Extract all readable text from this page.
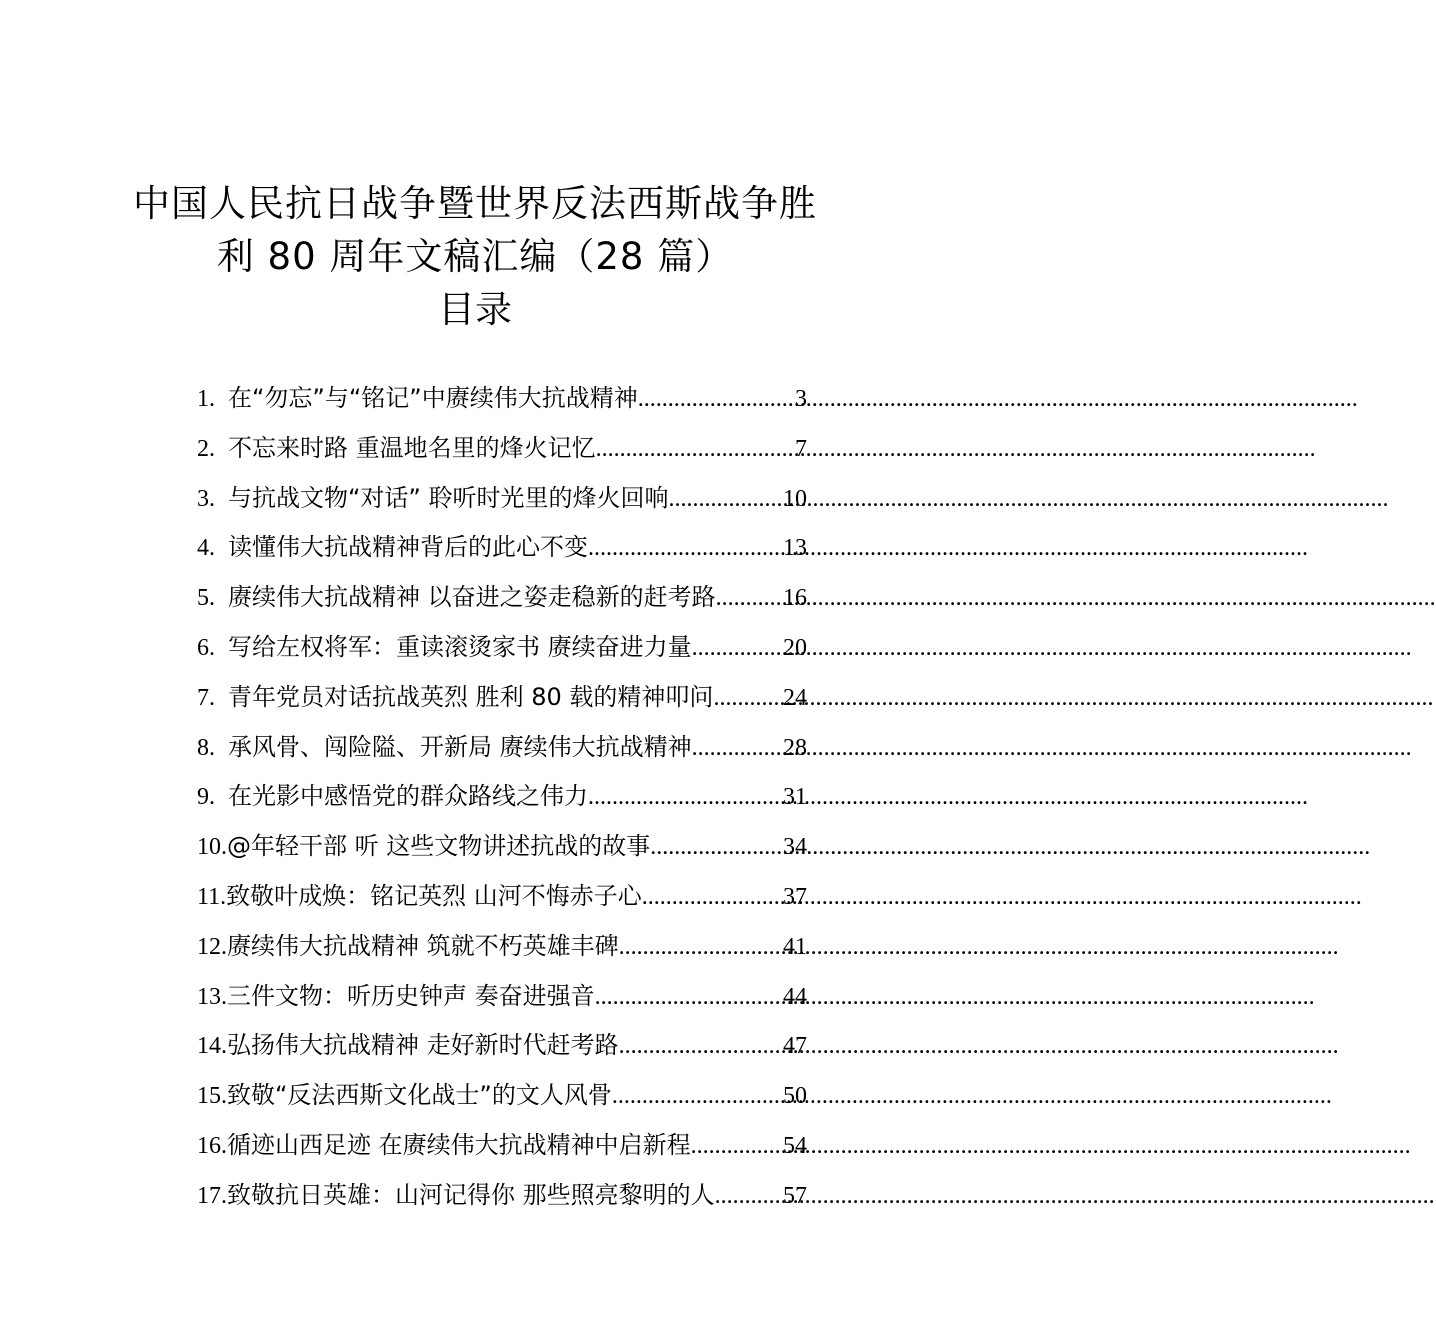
中国人民抗日战争暨世界反法西斯战争胜
利 80 周年文稿汇编（28 篇）
目录
1. 在“勿忘”与“铭记”中赓续伟大抗战精神 .....	3
2. 不忘来时路 重温地名里的烽火记忆 .....	7
3. 与抗战文物“对话” 聆听时光里的烽火回响 .....	10
4. 读懂伟大抗战精神背后的此心不变 .....	13
5. 赓续伟大抗战精神 以奋进之姿走稳新的赶考路 .....	16
6. 写给左权将军：重读滚烫家书 赓续奋进力量 .....	20
7. 青年党员对话抗战英烈 胜利 80 载的精神叩问 .....	24
8. 承风骨、闯险隘、开新局 赓续伟大抗战精神 .....	28
9. 在光影中感悟党的群众路线之伟力 .....	31
10. @年轻干部 听 这些文物讲述抗战的故事 .....	34
11. 致敬叶成焕：铭记英烈 山河不悔赤子心 .....	37
12. 赓续伟大抗战精神 筑就不朽英雄丰碑 .....	41
13. 三件文物：听历史钟声 奏奋进强音 .....	44
14. 弘扬伟大抗战精神 走好新时代赶考路 .....	47
15. 致敬“反法西斯文化战士”的文人风骨 .....	50
16. 循迹山西足迹 在赓续伟大抗战精神中启新程 .....	54
17. 致敬抗日英雄：山河记得你 那些照亮黎明的人 .....	57
